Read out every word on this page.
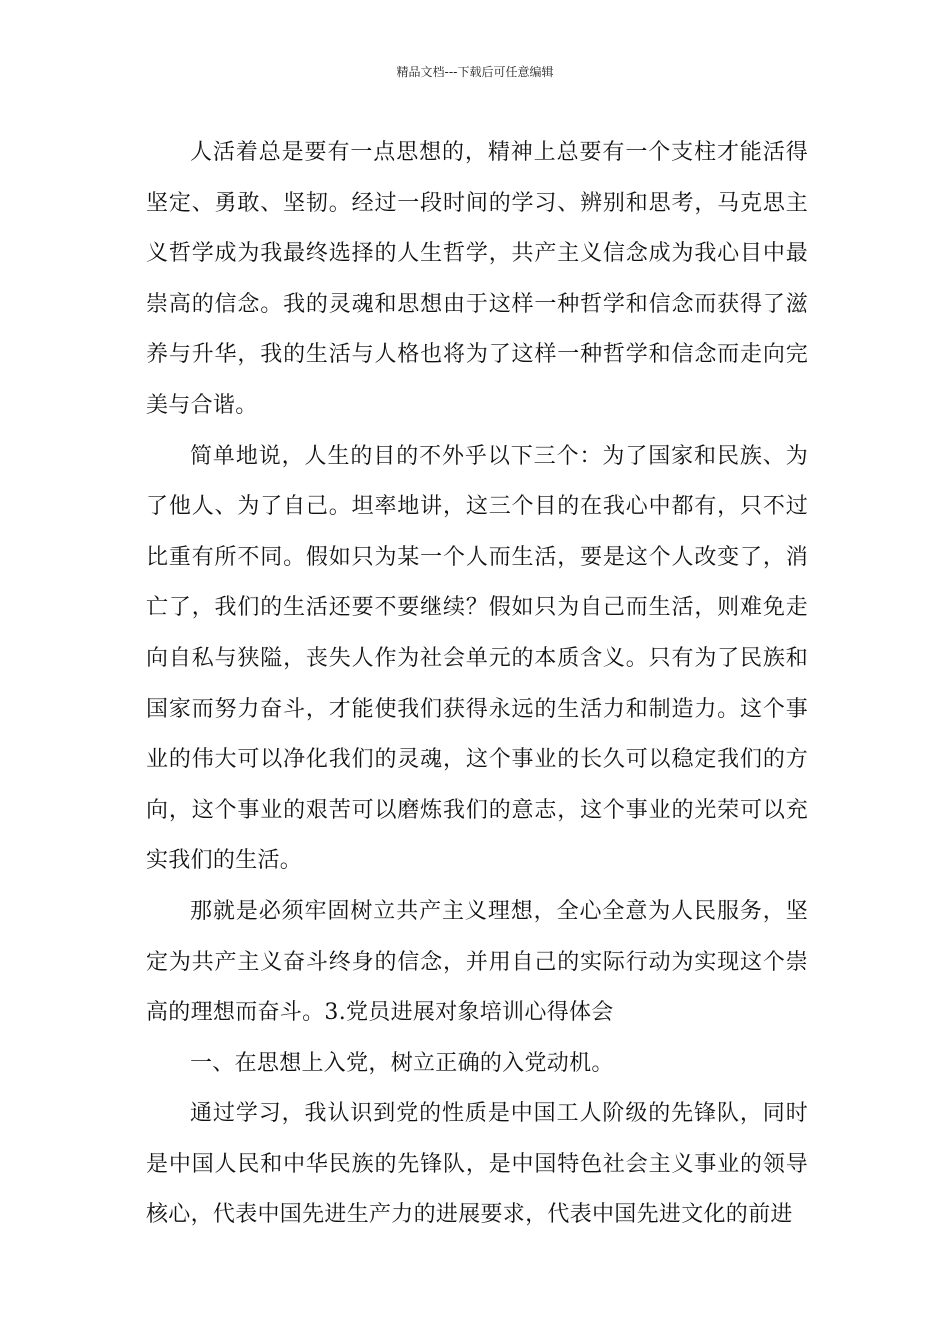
精品文档---下载后可任意编辑

人活着总是要有一点思想的，精神上总要有一个支柱才能活得坚定、勇敢、坚韧。经过一段时间的学习、辨别和思考，马克思主义哲学成为我最终选择的人生哲学，共产主义信念成为我心目中最崇高的信念。我的灵魂和思想由于这样一种哲学和信念而获得了滋养与升华，我的生活与人格也将为了这样一种哲学和信念而走向完美与合谐。

简单地说，人生的目的不外乎以下三个：为了国家和民族、为了他人、为了自己。坦率地讲，这三个目的在我心中都有，只不过比重有所不同。假如只为某一个人而生活，要是这个人改变了，消亡了，我们的生活还要不要继续？假如只为自己而生活，则难免走向自私与狭隘，丧失人作为社会单元的本质含义。只有为了民族和国家而努力奋斗，才能使我们获得永远的生活力和制造力。这个事业的伟大可以净化我们的灵魂，这个事业的长久可以稳定我们的方向，这个事业的艰苦可以磨炼我们的意志，这个事业的光荣可以充实我们的生活。

那就是必须牢固树立共产主义理想，全心全意为人民服务，坚定为共产主义奋斗终身的信念，并用自己的实际行动为实现这个崇高的理想而奋斗。3.党员进展对象培训心得体会

一、在思想上入党，树立正确的入党动机。

通过学习，我认识到党的性质是中国工人阶级的先锋队，同时是中国人民和中华民族的先锋队，是中国特色社会主义事业的领导核心，代表中国先进生产力的进展要求，代表中国先进文化的前进
